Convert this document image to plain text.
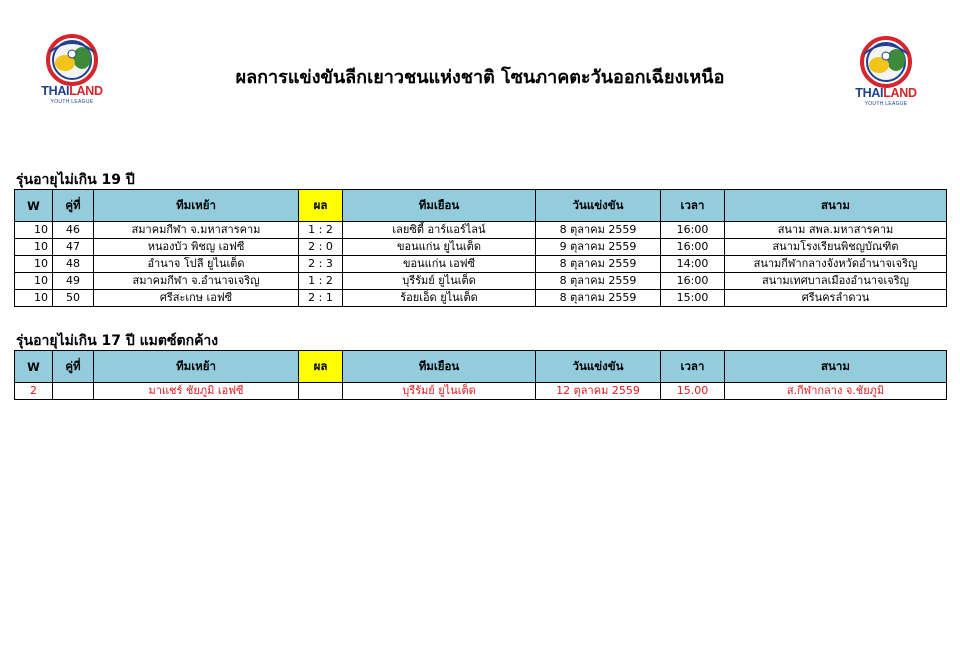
THAILAND
YOUTH LEAGUE
THAILAND
YOUTH LEAGUE
ผลการแข่งขันลีกเยาวชนแห่งชาติ โซนภาคตะวันออกเฉียงเหนือ
รุ่นอายุไม่เกิน 19 ปี
W	คู่ที่	ทีมเหย้า	ผล	ทีมเยือน	วันแข่งขัน	เวลา	สนาม
10	46	สมาคมกีฬา จ.มหาสารคาม	1 : 2	เลยซิตี้ อาร์แอร์ไลน์	8 ตุลาคม 2559	16:00	สนาม สพล.มหาสารคาม
10	47	หนองบัว พิชญ เอฟซี	2 : 0	ขอนแก่น ยูไนเต็ด	9 ตุลาคม 2559	16:00	สนามโรงเรียนพิชญบัณฑิต
10	48	อำนาจ โปลี ยูไนเต็ด	2 : 3	ขอนแก่น เอฟซี	8 ตุลาคม 2559	14:00	สนามกีฬากลางจังหวัดอำนาจเจริญ
10	49	สมาคมกีฬา จ.อำนาจเจริญ	1 : 2	บุรีรัมย์ ยูไนเต็ด	8 ตุลาคม 2559	16:00	สนามเทศบาลเมืองอำนาจเจริญ
10	50	ศรีสะเกษ เอฟซี	2 : 1	ร้อยเอ็ด ยูไนเต็ด	8 ตุลาคม 2559	15:00	ศรีนครลำดวน
รุ่นอายุไม่เกิน 17 ปี แมตซ์ตกค้าง
W	คู่ที่	ทีมเหย้า	ผล	ทีมเยือน	วันแข่งขัน	เวลา	สนาม
2		มาแชร์ ชัยภูมิ เอฟซี		บุรีรัมย์ ยูไนเต็ด	12 ตุลาคม 2559	15.00	ส.กีฬากลาง จ.ชัยภูมิ
